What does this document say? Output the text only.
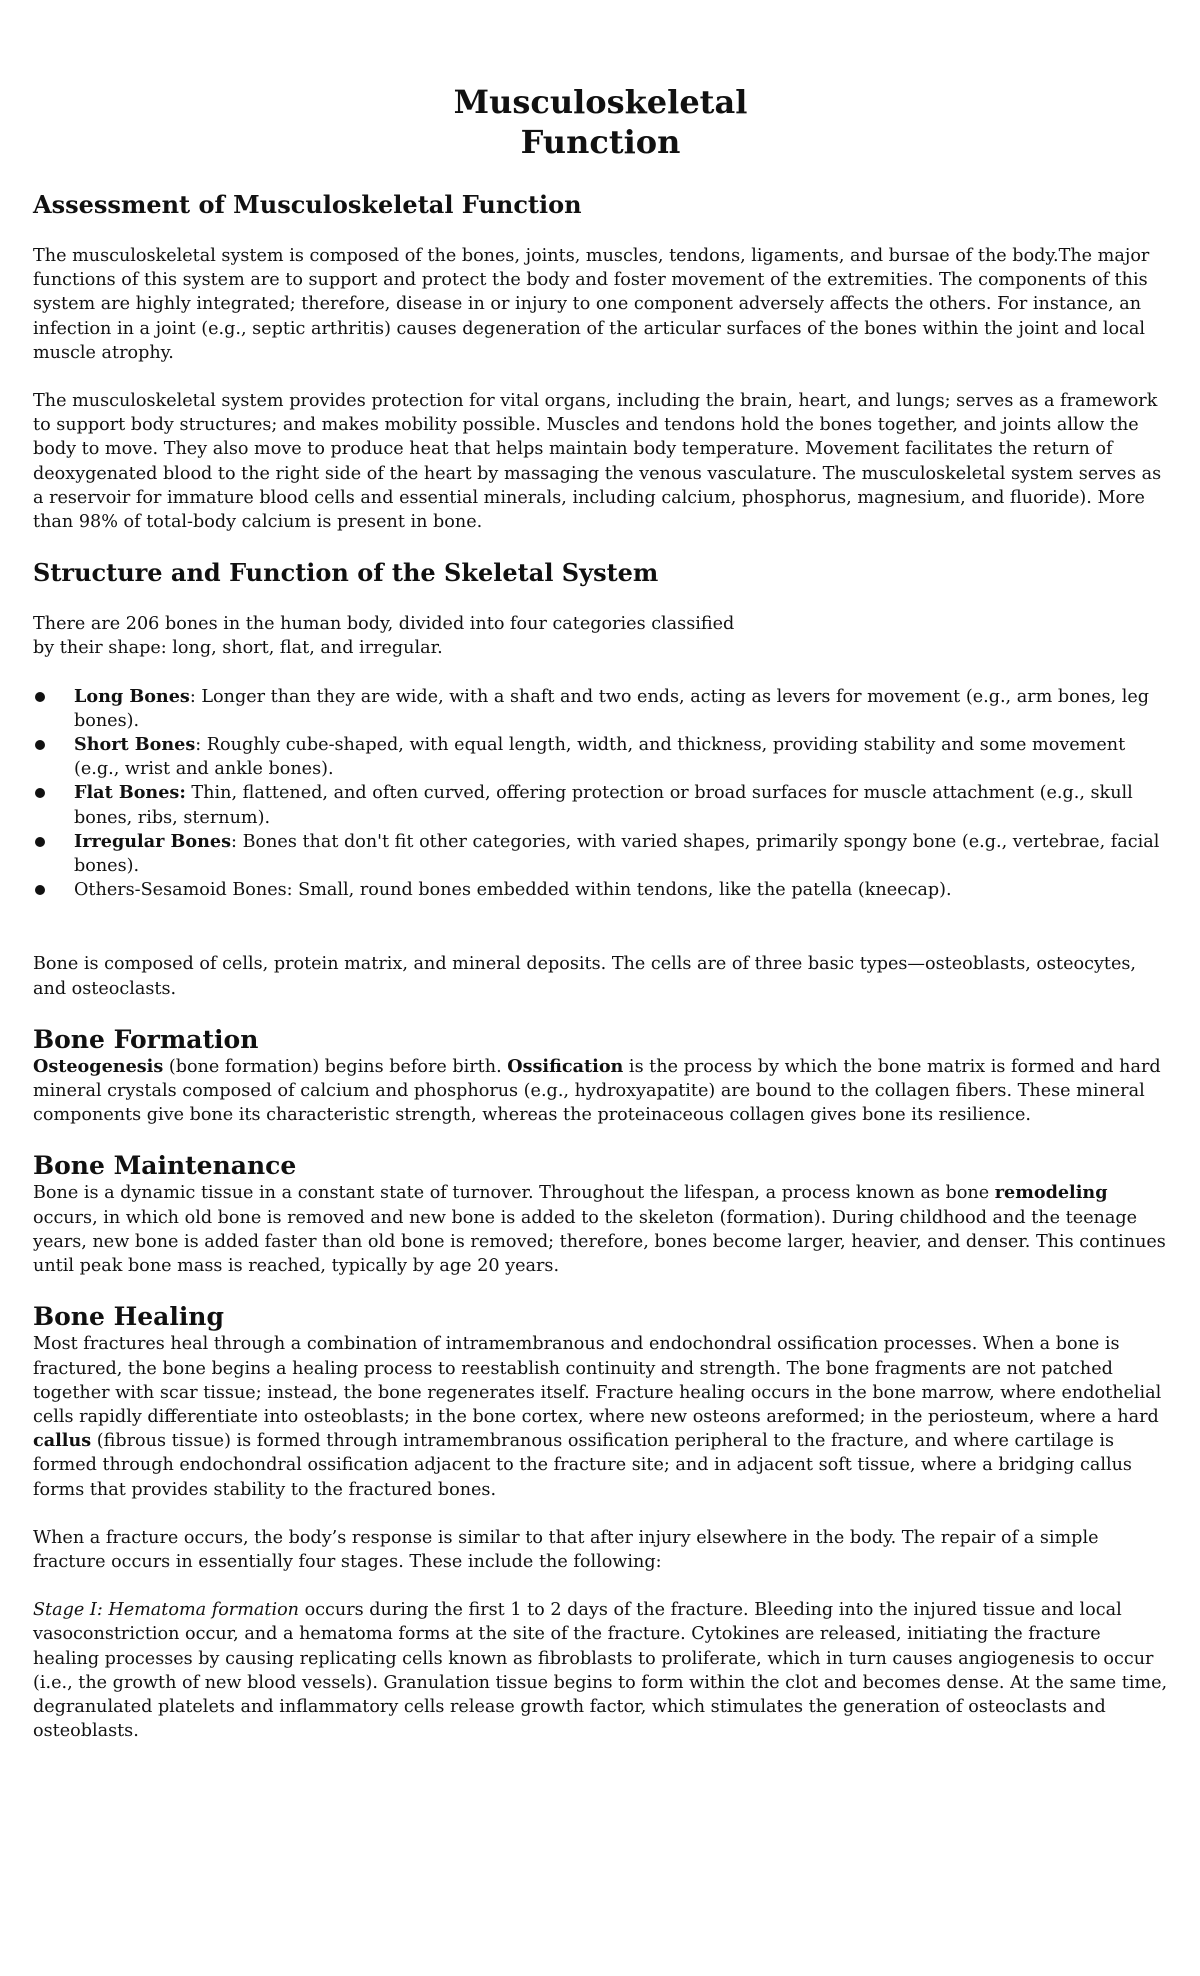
Musculoskeletal
Function
Assessment of Musculoskeletal Function

The musculoskeletal system is composed of the bones, joints, muscles, tendons, ligaments, and bursae of the body.The major functions of this system are to support and protect the body and foster movement of the extremities. The components of this system are highly integrated; therefore, disease in or injury to one component adversely affects the others. For instance, an infection in a joint (e.g., septic arthritis) causes degeneration of the articular surfaces of the bones within the joint and local muscle atrophy.

The musculoskeletal system provides protection for vital organs, including the brain, heart, and lungs; serves as a framework to support body structures; and makes mobility possible. Muscles and tendons hold the bones together, and joints allow the body to move. They also move to produce heat that helps maintain body temperature. Movement facilitates the return of deoxygenated blood to the right side of the heart by massaging the venous vasculature. The musculoskeletal system serves as a reservoir for immature blood cells and essential minerals, including calcium, phosphorus, magnesium, and fluoride). More than 98% of total-body calcium is present in bone.

Structure and Function of the Skeletal System

There are 206 bones in the human body, divided into four categories classified
by their shape: long, short, flat, and irregular.

Long Bones: Longer than they are wide, with a shaft and two ends, acting as levers for movement (e.g., arm bones, leg bones).
Short Bones: Roughly cube-shaped, with equal length, width, and thickness, providing stability and some movement (e.g., wrist and ankle bones).
Flat Bones: Thin, flattened, and often curved, offering protection or broad surfaces for muscle attachment (e.g., skull bones, ribs, sternum).
Irregular Bones: Bones that don't fit other categories, with varied shapes, primarily spongy bone (e.g., vertebrae, facial bones).
Others-Sesamoid Bones: Small, round bones embedded within tendons, like the patella (kneecap).

Bone is composed of cells, protein matrix, and mineral deposits. The cells are of three basic types—osteoblasts, osteocytes, and osteoclasts.

Bone Formation

Osteogenesis (bone formation) begins before birth. Ossification is the process by which the bone matrix is formed and hard mineral crystals composed of calcium and phosphorus (e.g., hydroxyapatite) are bound to the collagen fibers. These mineral components give bone its characteristic strength, whereas the proteinaceous collagen gives bone its resilience.

Bone Maintenance

Bone is a dynamic tissue in a constant state of turnover. Throughout the lifespan, a process known as bone remodeling occurs, in which old bone is removed and new bone is added to the skeleton (formation). During childhood and the teenage years, new bone is added faster than old bone is removed; therefore, bones become larger, heavier, and denser. This continues until peak bone mass is reached, typically by age 20 years.

Bone Healing

Most fractures heal through a combination of intramembranous and endochondral ossification processes. When a bone is fractured, the bone begins a healing process to reestablish continuity and strength. The bone fragments are not patched together with scar tissue; instead, the bone regenerates itself. Fracture healing occurs in the bone marrow, where endothelial cells rapidly differentiate into osteoblasts; in the bone cortex, where new osteons areformed; in the periosteum, where a hard callus (fibrous tissue) is formed through intramembranous ossification peripheral to the fracture, and where cartilage is formed through endochondral ossification adjacent to the fracture site; and in adjacent soft tissue, where a bridging callus forms that provides stability to the fractured bones.

When a fracture occurs, the body’s response is similar to that after injury elsewhere in the body. The repair of a simple fracture occurs in essentially four stages. These include the following:

Stage I: Hematoma formation occurs during the first 1 to 2 days of the fracture. Bleeding into the injured tissue and local vasoconstriction occur, and a hematoma forms at the site of the fracture. Cytokines are released, initiating the fracture healing processes by causing replicating cells known as fibroblasts to proliferate, which in turn causes angiogenesis to occur (i.e., the growth of new blood vessels). Granulation tissue begins to form within the clot and becomes dense. At the same time, degranulated platelets and inflammatory cells release growth factor, which stimulates the generation of osteoclasts and osteoblasts.
